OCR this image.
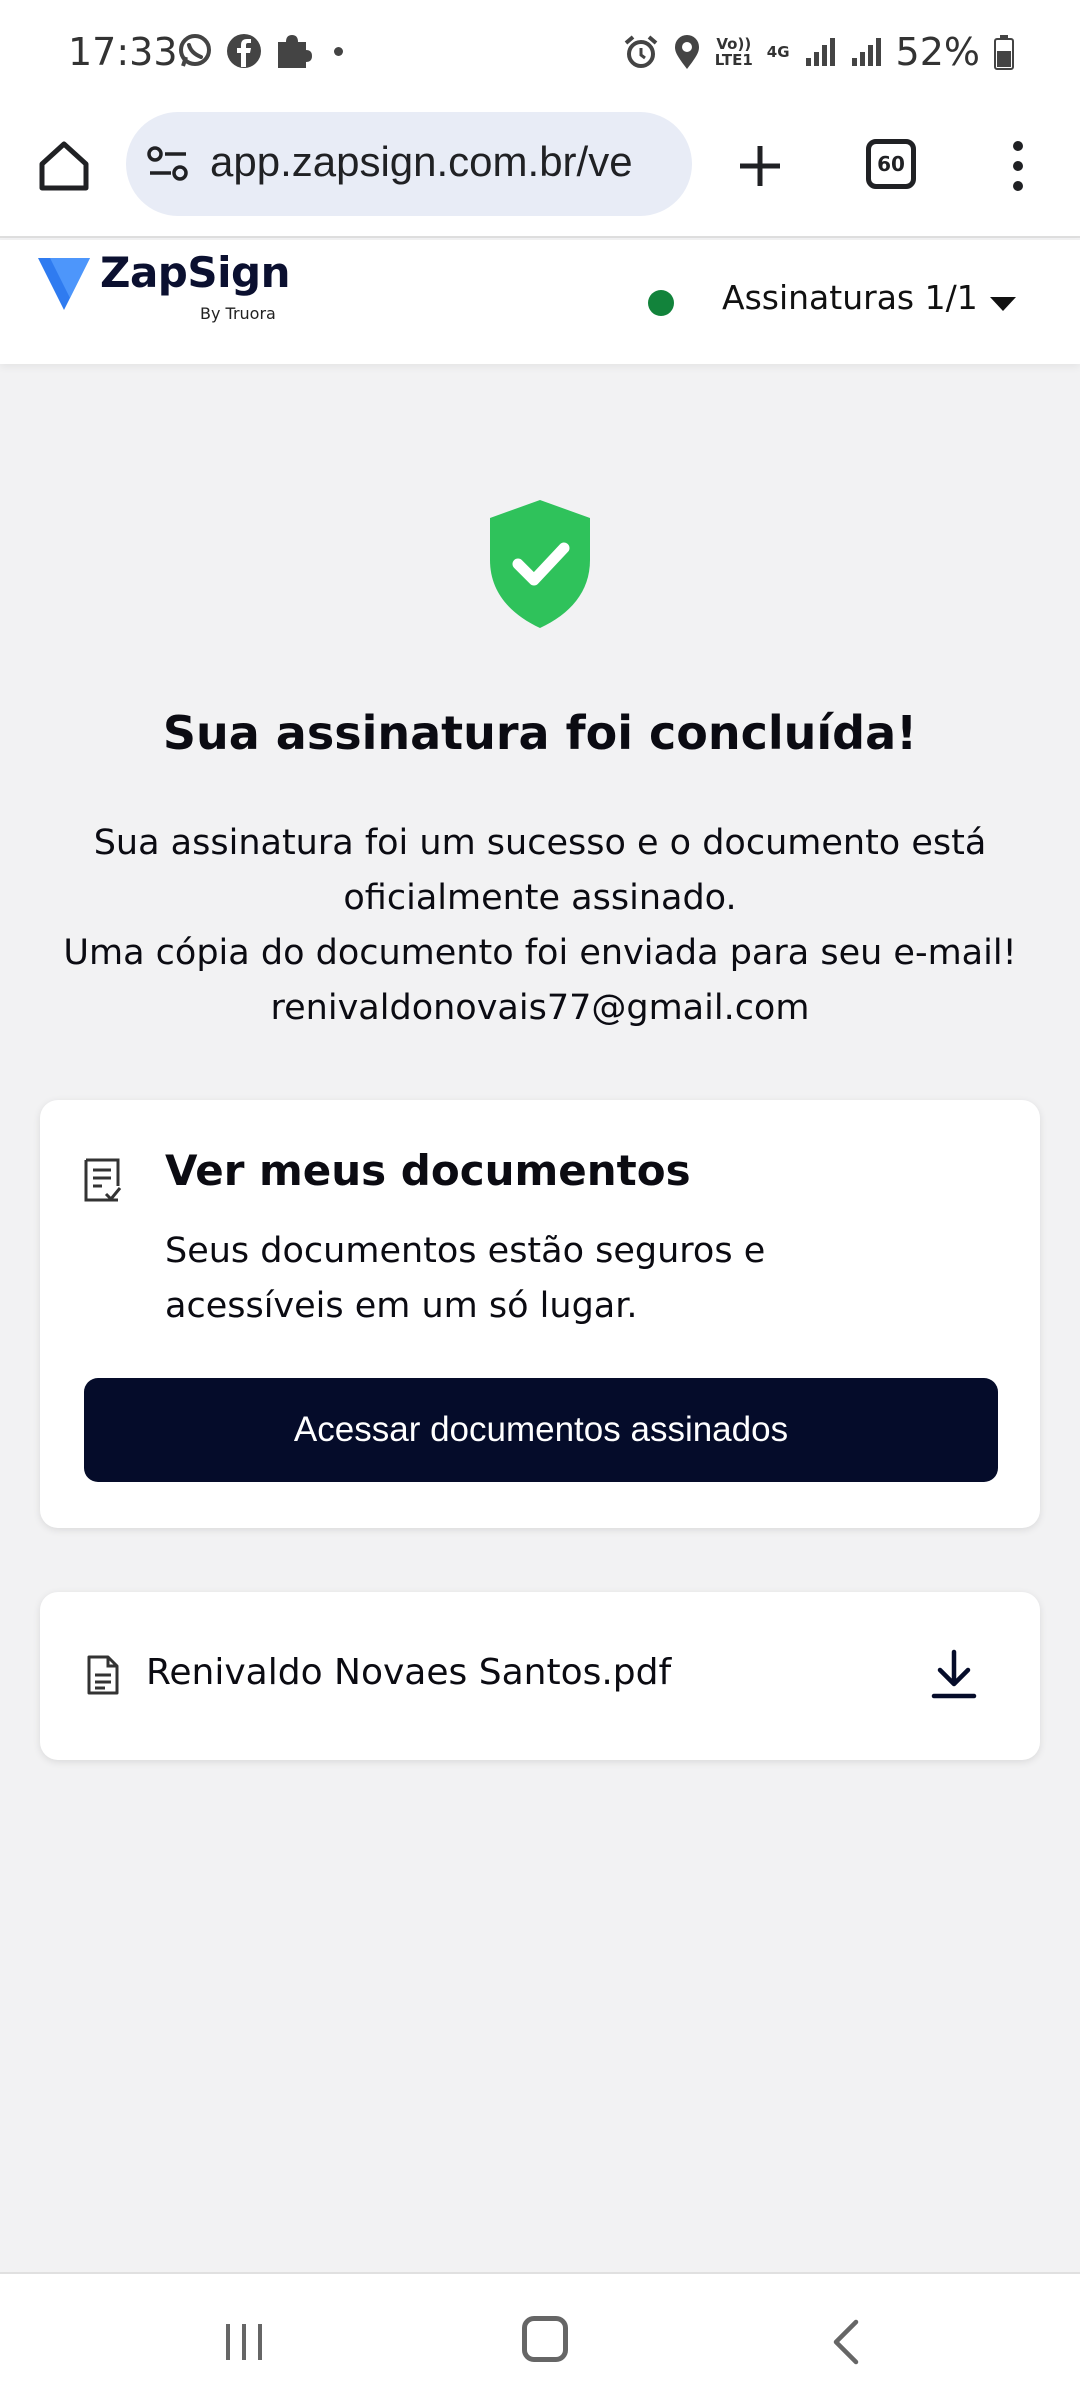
17:33	Vo)) LTE1 4G	52%
app.zapsign.com.br/ve	60
ZapSign
By Truora	Assinaturas 1/1
Sua assinatura foi concluída!
Sua assinatura foi um sucesso e o documento está oficialmente assinado.
Uma cópia do documento foi enviada para seu e-mail! renivaldonovais77@gmail.com
Ver meus documentos
Seus documentos estão seguros e acessíveis em um só lugar.
Acessar documentos assinados
Renivaldo Novaes Santos.pdf
